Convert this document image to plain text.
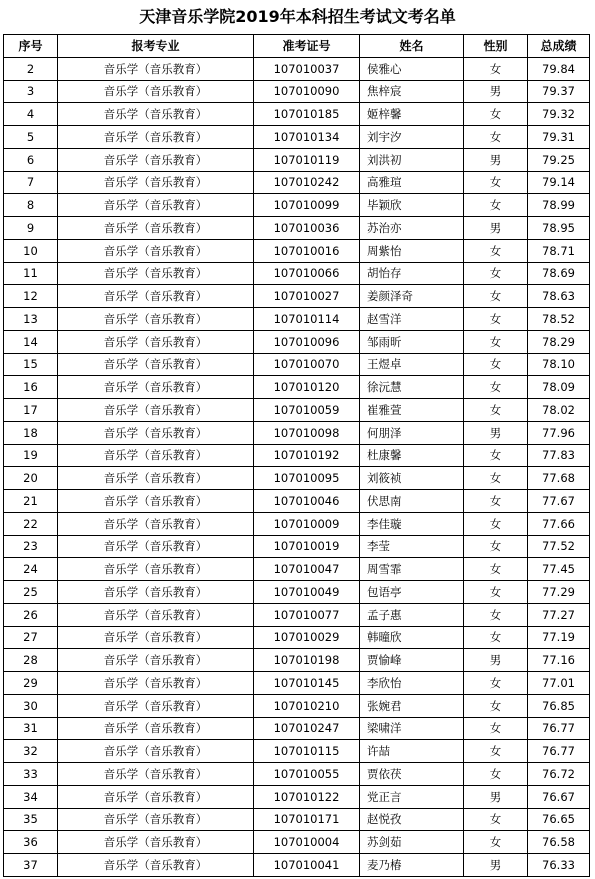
天津音乐学院2019年本科招生考试文考名单
序号	报考专业	准考证号	姓名	性别	总成绩
2	音乐学（音乐教育）	107010037	侯雅心	女	79.84
3	音乐学（音乐教育）	107010090	焦梓宸	男	79.37
4	音乐学（音乐教育）	107010185	姬梓馨	女	79.32
5	音乐学（音乐教育）	107010134	刘宇汐	女	79.31
6	音乐学（音乐教育）	107010119	刘洪初	男	79.25
7	音乐学（音乐教育）	107010242	高雅瑄	女	79.14
8	音乐学（音乐教育）	107010099	毕颖欣	女	78.99
9	音乐学（音乐教育）	107010036	苏治亦	男	78.95
10	音乐学（音乐教育）	107010016	周紫怡	女	78.71
11	音乐学（音乐教育）	107010066	胡怡存	女	78.69
12	音乐学（音乐教育）	107010027	姜颜泽奇	女	78.63
13	音乐学（音乐教育）	107010114	赵雪洋	女	78.52
14	音乐学（音乐教育）	107010096	邹雨昕	女	78.29
15	音乐学（音乐教育）	107010070	王煜卓	女	78.10
16	音乐学（音乐教育）	107010120	徐沅慧	女	78.09
17	音乐学（音乐教育）	107010059	崔雅萱	女	78.02
18	音乐学（音乐教育）	107010098	何朋泽	男	77.96
19	音乐学（音乐教育）	107010192	杜康馨	女	77.83
20	音乐学（音乐教育）	107010095	刘筱祯	女	77.68
21	音乐学（音乐教育）	107010046	伏思南	女	77.67
22	音乐学（音乐教育）	107010009	李佳璇	女	77.66
23	音乐学（音乐教育）	107010019	李莹	女	77.52
24	音乐学（音乐教育）	107010047	周雪霏	女	77.45
25	音乐学（音乐教育）	107010049	包语亭	女	77.29
26	音乐学（音乐教育）	107010077	孟子惠	女	77.27
27	音乐学（音乐教育）	107010029	韩曈欣	女	77.19
28	音乐学（音乐教育）	107010198	贾愉峰	男	77.16
29	音乐学（音乐教育）	107010145	李欣怡	女	77.01
30	音乐学（音乐教育）	107010210	张婉君	女	76.85
31	音乐学（音乐教育）	107010247	梁啸洋	女	76.77
32	音乐学（音乐教育）	107010115	许喆	女	76.77
33	音乐学（音乐教育）	107010055	贾依茯	女	76.72
34	音乐学（音乐教育）	107010122	党正言	男	76.67
35	音乐学（音乐教育）	107010171	赵悦孜	女	76.65
36	音乐学（音乐教育）	107010004	苏剑茹	女	76.58
37	音乐学（音乐教育）	107010041	麦乃椿	男	76.33
